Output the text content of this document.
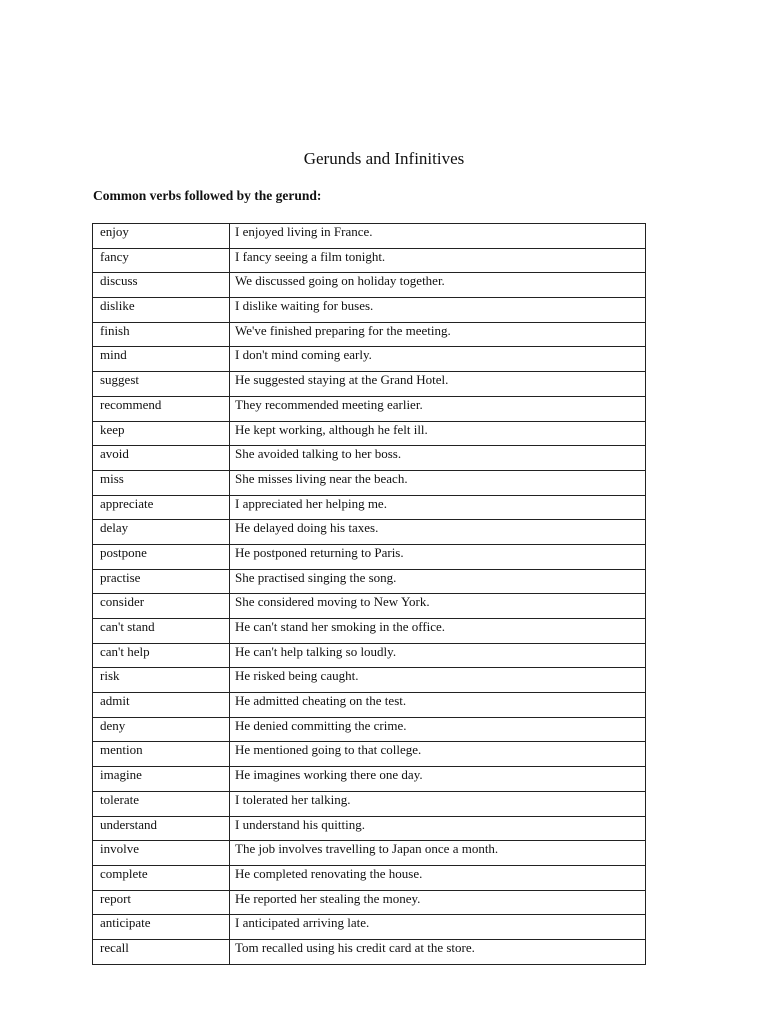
Gerunds and Infinitives
Common verbs followed by the gerund:
enjoy	I enjoyed living in France.
fancy	I fancy seeing a film tonight.
discuss	We discussed going on holiday together.
dislike	I dislike waiting for buses.
finish	We've finished preparing for the meeting.
mind	I don't mind coming early.
suggest	He suggested staying at the Grand Hotel.
recommend	They recommended meeting earlier.
keep	He kept working, although he felt ill.
avoid	She avoided talking to her boss.
miss	She misses living near the beach.
appreciate	I appreciated her helping me.
delay	He delayed doing his taxes.
postpone	He postponed returning to Paris.
practise	She practised singing the song.
consider	She considered moving to New York.
can't stand	He can't stand her smoking in the office.
can't help	He can't help talking so loudly.
risk	He risked being caught.
admit	He admitted cheating on the test.
deny	He denied committing the crime.
mention	He mentioned going to that college.
imagine	He imagines working there one day.
tolerate	I tolerated her talking.
understand	I understand his quitting.
involve	The job involves travelling to Japan once a month.
complete	He completed renovating the house.
report	He reported her stealing the money.
anticipate	I anticipated arriving late.
recall	Tom recalled using his credit card at the store.
